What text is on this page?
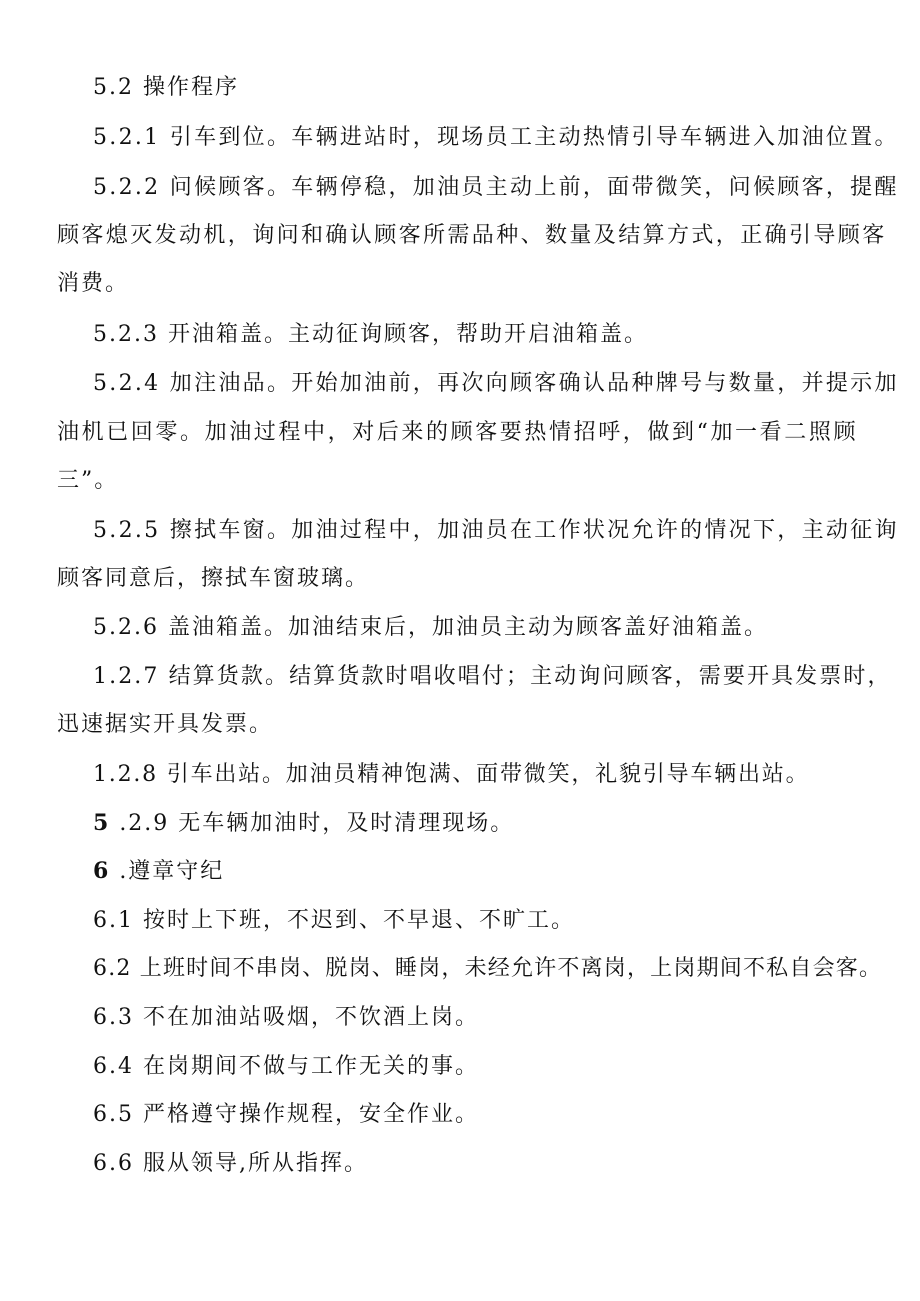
5.2 操作程序
5.2.1 引车到位。车辆进站时，现场员工主动热情引导车辆进入加油位置。
5.2.2 问候顾客。车辆停稳，加油员主动上前，面带微笑，问候顾客，提醒
顾客熄灭发动机，询问和确认顾客所需品种、数量及结算方式，正确引导顾客
消费。
5.2.3 开油箱盖。主动征询顾客，帮助开启油箱盖。
5.2.4 加注油品。开始加油前，再次向顾客确认品种牌号与数量，并提示加
油机已回零。加油过程中，对后来的顾客要热情招呼，做到“加一看二照顾
三”。
5.2.5 擦拭车窗。加油过程中，加油员在工作状况允许的情况下，主动征询
顾客同意后，擦拭车窗玻璃。
5.2.6 盖油箱盖。加油结束后，加油员主动为顾客盖好油箱盖。
1.2.7 结算货款。结算货款时唱收唱付；主动询问顾客，需要开具发票时，
迅速据实开具发票。
1.2.8 引车出站。加油员精神饱满、面带微笑，礼貌引导车辆出站。
5 .2.9 无车辆加油时，及时清理现场。
6 .遵章守纪
6.1 按时上下班，不迟到、不早退、不旷工。
6.2 上班时间不串岗、脱岗、睡岗，未经允许不离岗，上岗期间不私自会客。
6.3 不在加油站吸烟，不饮酒上岗。
6.4 在岗期间不做与工作无关的事。
6.5 严格遵守操作规程，安全作业。
6.6 服从领导,所从指挥。
